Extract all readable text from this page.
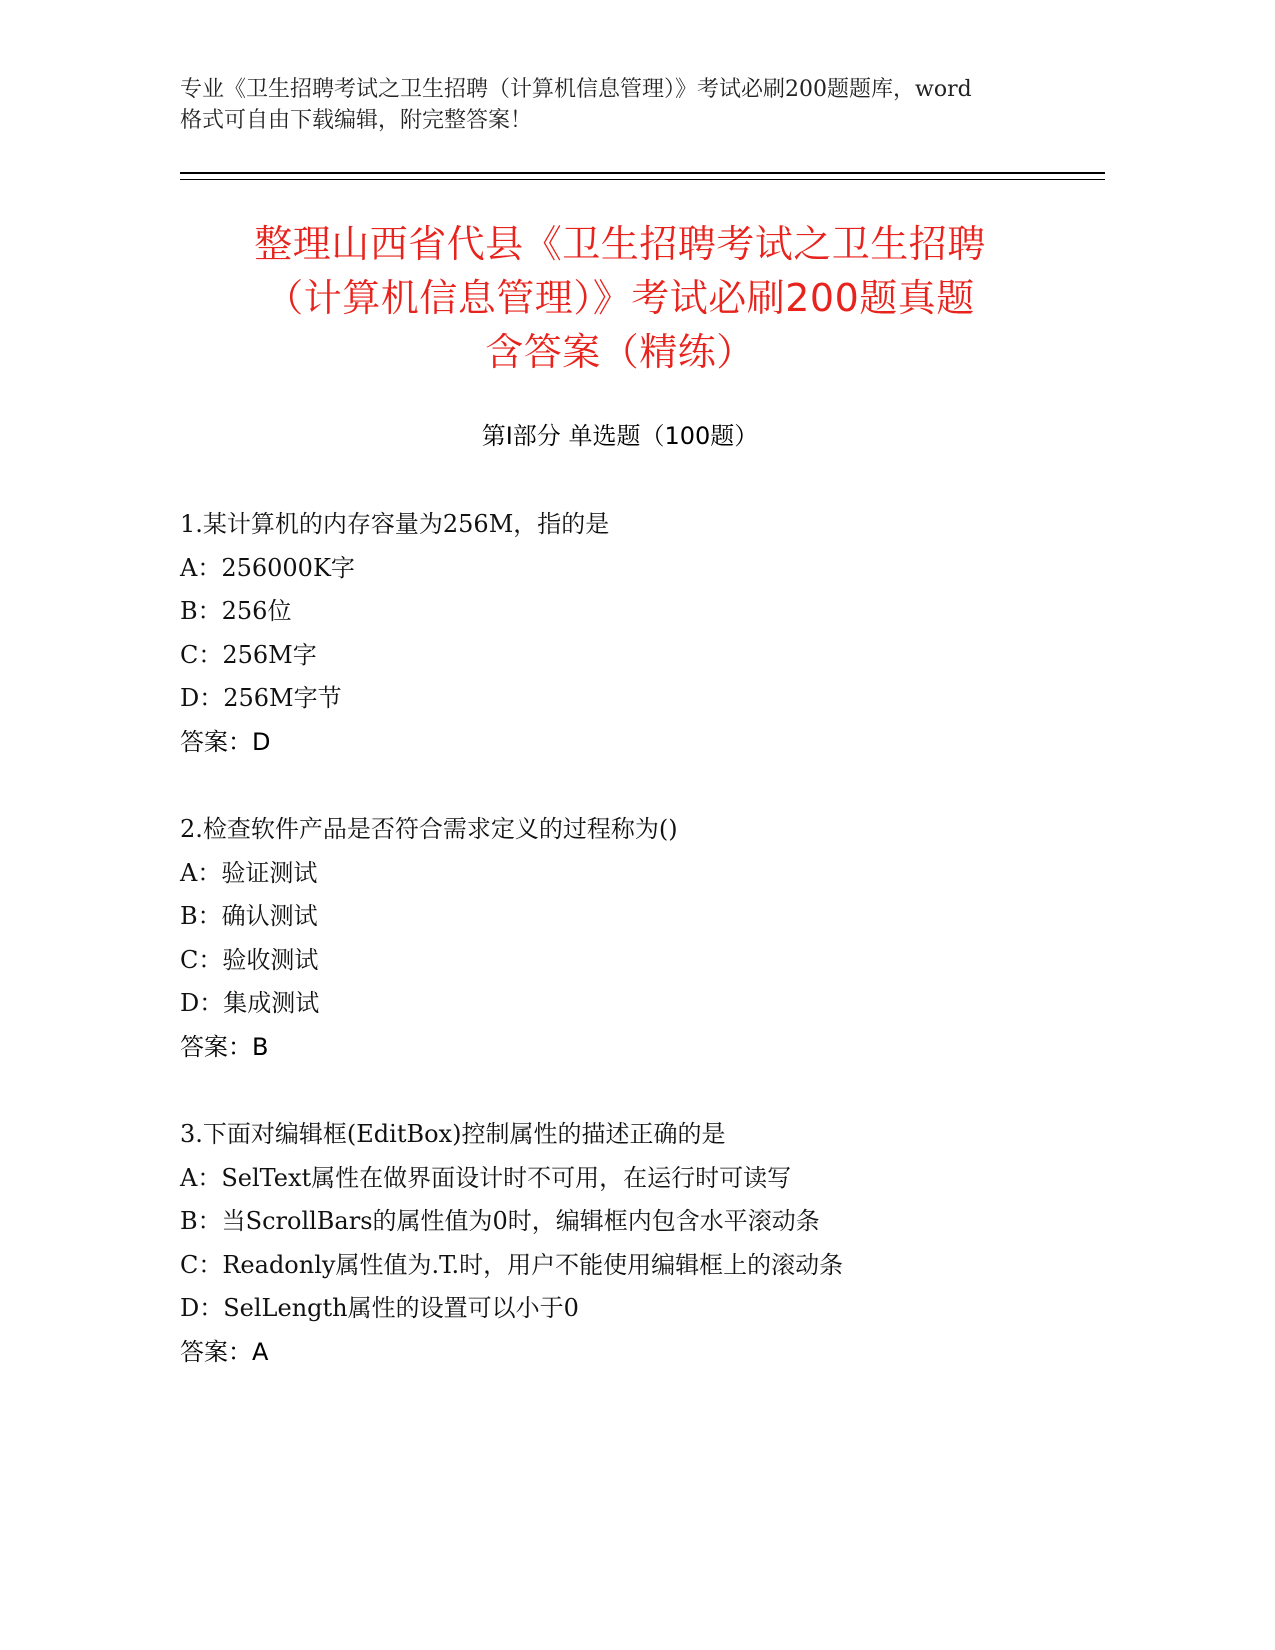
专业《卫生招聘考试之卫生招聘（计算机信息管理）》考试必刷200题题库，word
格式可自由下载编辑，附完整答案！
整理山西省代县《卫生招聘考试之卫生招聘
（计算机信息管理）》考试必刷200题真题
含答案（精练）
第Ⅰ部分 单选题（100题）
1.某计算机的内存容量为256M，指的是
A：256000K字
B：256位
C：256M字
D：256M字节
答案：D
2.检查软件产品是否符合需求定义的过程称为()
A：验证测试
B：确认测试
C：验收测试
D：集成测试
答案：B
3.下面对编辑框(EditBox)控制属性的描述正确的是
A：SelText属性在做界面设计时不可用，在运行时可读写
B：当ScrollBars的属性值为0时，编辑框内包含水平滚动条
C：Readonly属性值为.T.时，用户不能使用编辑框上的滚动条
D：SelLength属性的设置可以小于0
答案：A
